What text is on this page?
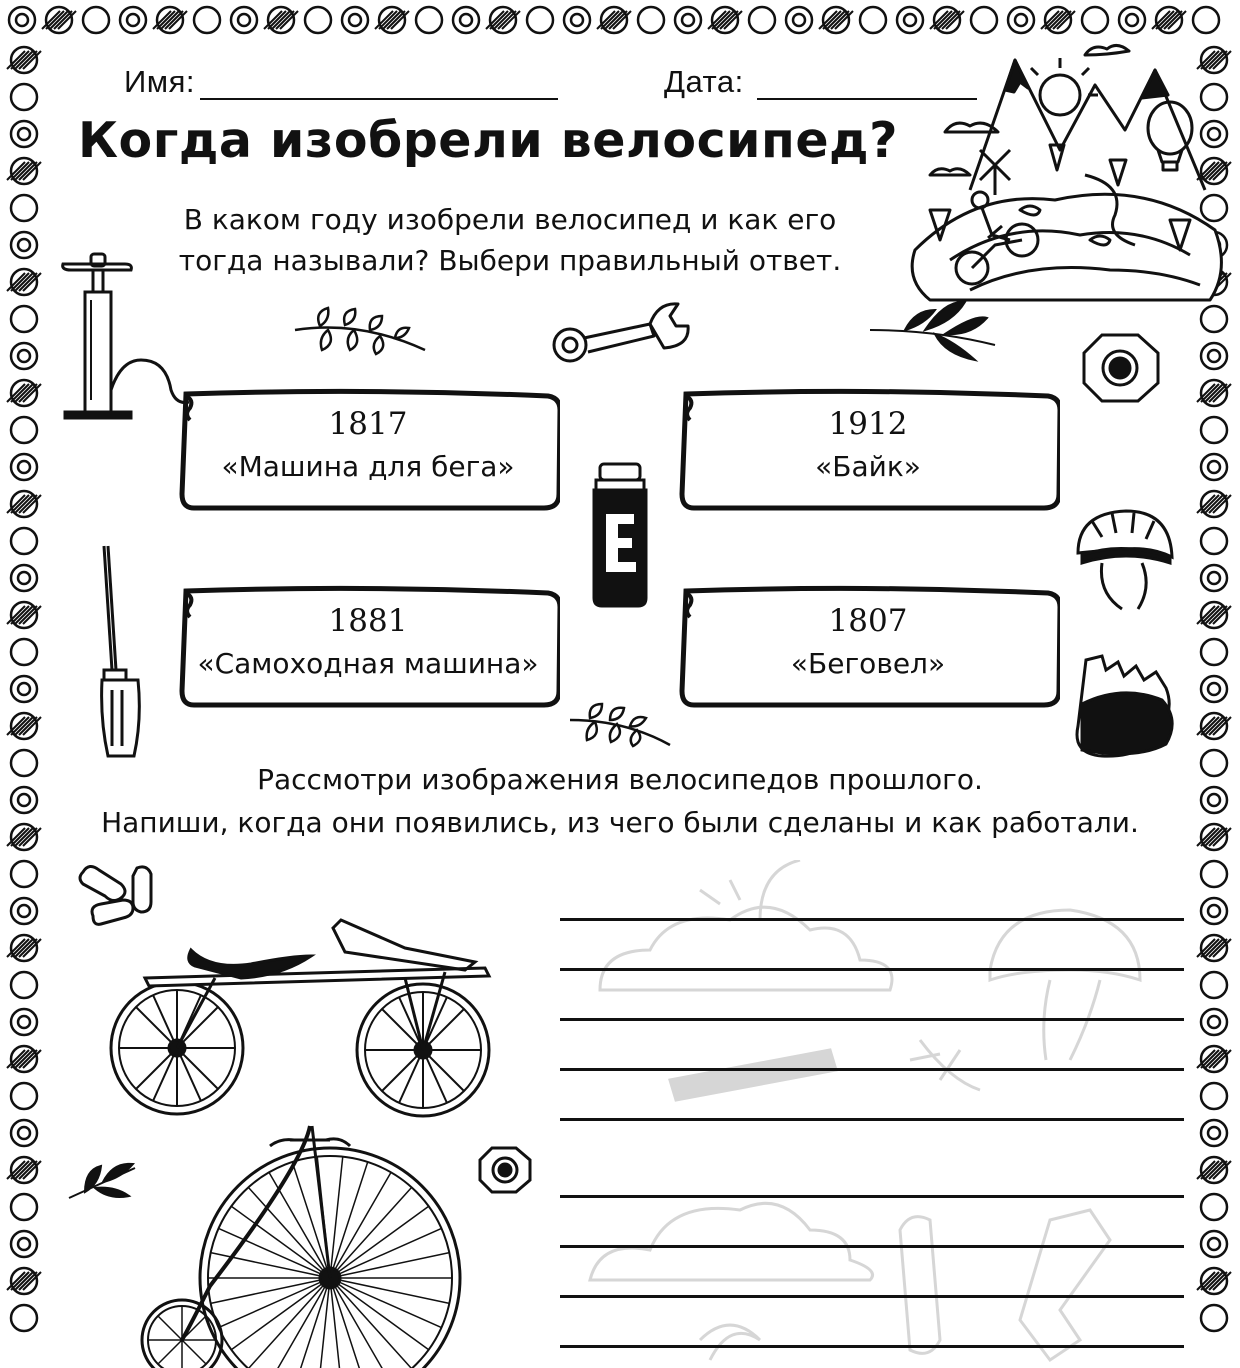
Имя:	Дата:
Когда изобрели велосипед?
В каком году изобрели велосипед и как его
тогда называли? Выбери правильный ответ.
1817
«Машина для бега»
1912
«Байк»
1881
«Самоходная машина»
1807
«Беговел»
Рассмотри изображения велосипедов прошлого.
Напиши, когда они появились, из чего были сделаны и как работали.
